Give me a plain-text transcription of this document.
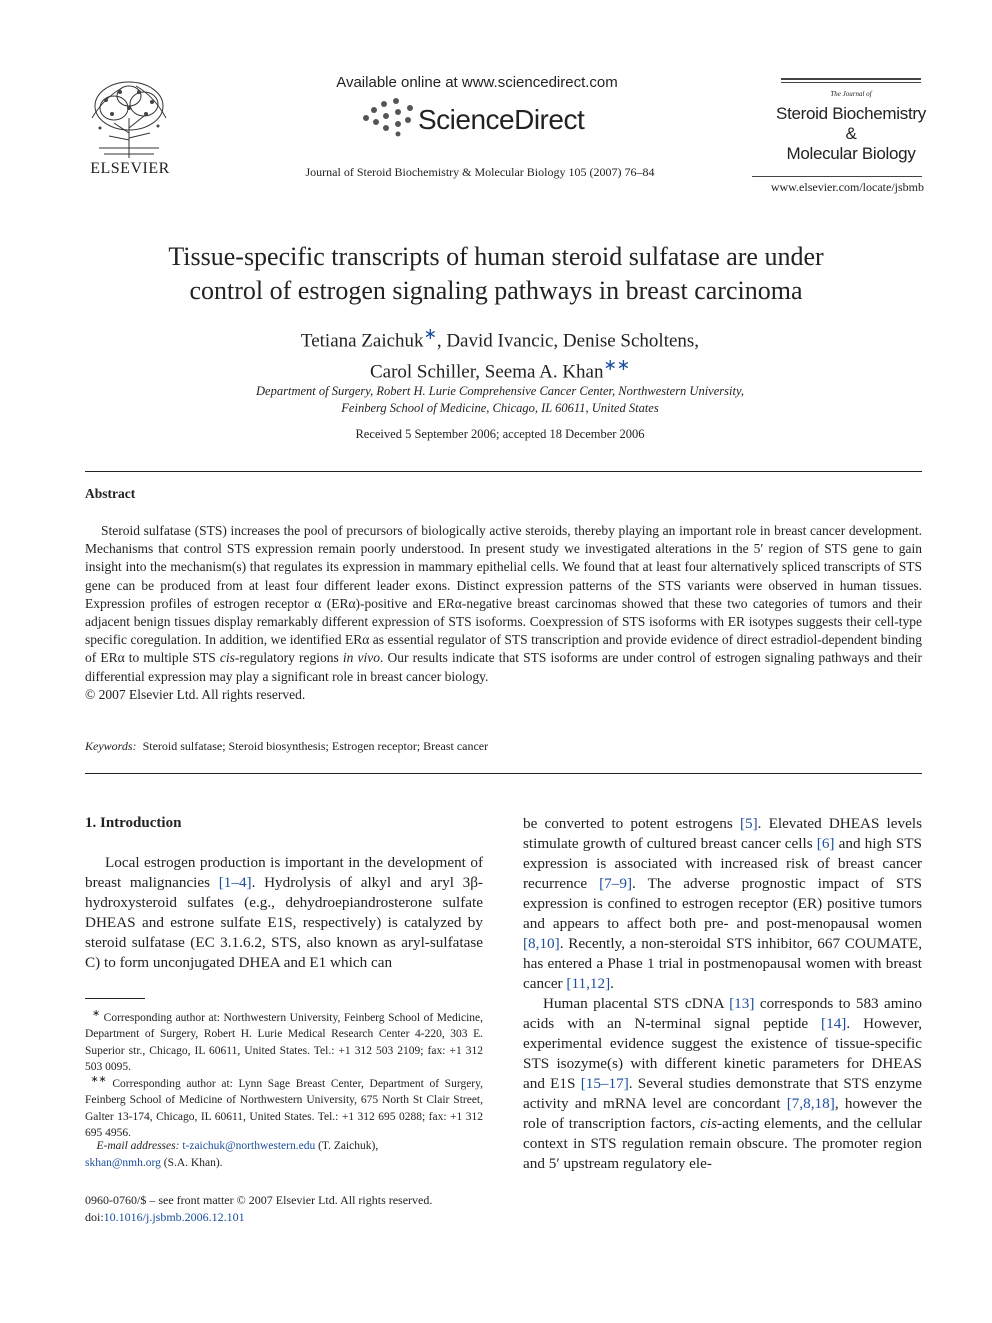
ELSEVIER
Available online at www.sciencedirect.com
ScienceDirect
Journal of Steroid Biochemistry & Molecular Biology 105 (2007) 76–84
The Journal of
Steroid Biochemistry
&
Molecular Biology
www.elsevier.com/locate/jsbmb
Tissue-specific transcripts of human steroid sulfatase are under
control of estrogen signaling pathways in breast carcinoma
Tetiana Zaichuk∗, David Ivancic, Denise Scholtens,
Carol Schiller, Seema A. Khan∗∗
Department of Surgery, Robert H. Lurie Comprehensive Cancer Center, Northwestern University,
Feinberg School of Medicine, Chicago, IL 60611, United States
Received 5 September 2006; accepted 18 December 2006
Abstract

Steroid sulfatase (STS) increases the pool of precursors of biologically active steroids, thereby playing an important role in breast cancer development. Mechanisms that control STS expression remain poorly understood. In present study we investigated alterations in the 5′ region of STS gene to gain insight into the mechanism(s) that regulates its expression in mammary epithelial cells. We found that at least four alternatively spliced transcripts of STS gene can be produced from at least four different leader exons. Distinct expression patterns of the STS variants were observed in human tissues. Expression profiles of estrogen receptor α (ERα)-positive and ERα-negative breast carcinomas showed that these two categories of tumors and their adjacent benign tissues display remarkably different expression of STS isoforms. Coexpression of STS isoforms with ER isotypes suggests their cell-type specific coregulation. In addition, we identified ERα as essential regulator of STS transcription and provide evidence of direct estradiol-dependent binding of ERα to multiple STS cis-regulatory regions in vivo. Our results indicate that STS isoforms are under control of estrogen signaling pathways and their differential expression may play a significant role in breast cancer biology.

© 2007 Elsevier Ltd. All rights reserved.
Keywords: Steroid sulfatase; Steroid biosynthesis; Estrogen receptor; Breast cancer
1. Introduction

Local estrogen production is important in the development of breast malignancies [1–4]. Hydrolysis of alkyl and aryl 3β-hydroxysteroid sulfates (e.g., dehydroepiandrosterone sulfate DHEAS and estrone sulfate E1S, respectively) is catalyzed by steroid sulfatase (EC 3.1.6.2, STS, also known as aryl-sulfatase C) to form unconjugated DHEA and E1 which can

be converted to potent estrogens [5]. Elevated DHEAS levels stimulate growth of cultured breast cancer cells [6] and high STS expression is associated with increased risk of breast cancer recurrence [7–9]. The adverse prognostic impact of STS expression is confined to estrogen receptor (ER) positive tumors and appears to affect both pre- and post-menopausal women [8,10]. Recently, a non-steroidal STS inhibitor, 667 COUMATE, has entered a Phase 1 trial in postmenopausal women with breast cancer [11,12].

Human placental STS cDNA [13] corresponds to 583 amino acids with an N-terminal signal peptide [14]. However, experimental evidence suggest the existence of tissue-specific STS isozyme(s) with different kinetic parameters for DHEAS and E1S [15–17]. Several studies demonstrate that STS enzyme activity and mRNA level are concordant [7,8,18], however the role of transcription factors, cis-acting elements, and the cellular context in STS regulation remain obscure. The promoter region and 5′ upstream regulatory ele-

∗ Corresponding author at: Northwestern University, Feinberg School of Medicine, Department of Surgery, Robert H. Lurie Medical Research Center 4-220, 303 E. Superior str., Chicago, IL 60611, United States. Tel.: +1 312 503 2109; fax: +1 312 503 0095.
∗∗ Corresponding author at: Lynn Sage Breast Center, Department of Surgery, Feinberg School of Medicine of Northwestern University, 675 North St Clair Street, Galter 13-174, Chicago, IL 60611, United States. Tel.: +1 312 695 0288; fax: +1 312 695 4956.
E-mail addresses: t-zaichuk@northwestern.edu (T. Zaichuk),
skhan@nmh.org (S.A. Khan).
0960-0760/$ – see front matter © 2007 Elsevier Ltd. All rights reserved.
doi:10.1016/j.jsbmb.2006.12.101
